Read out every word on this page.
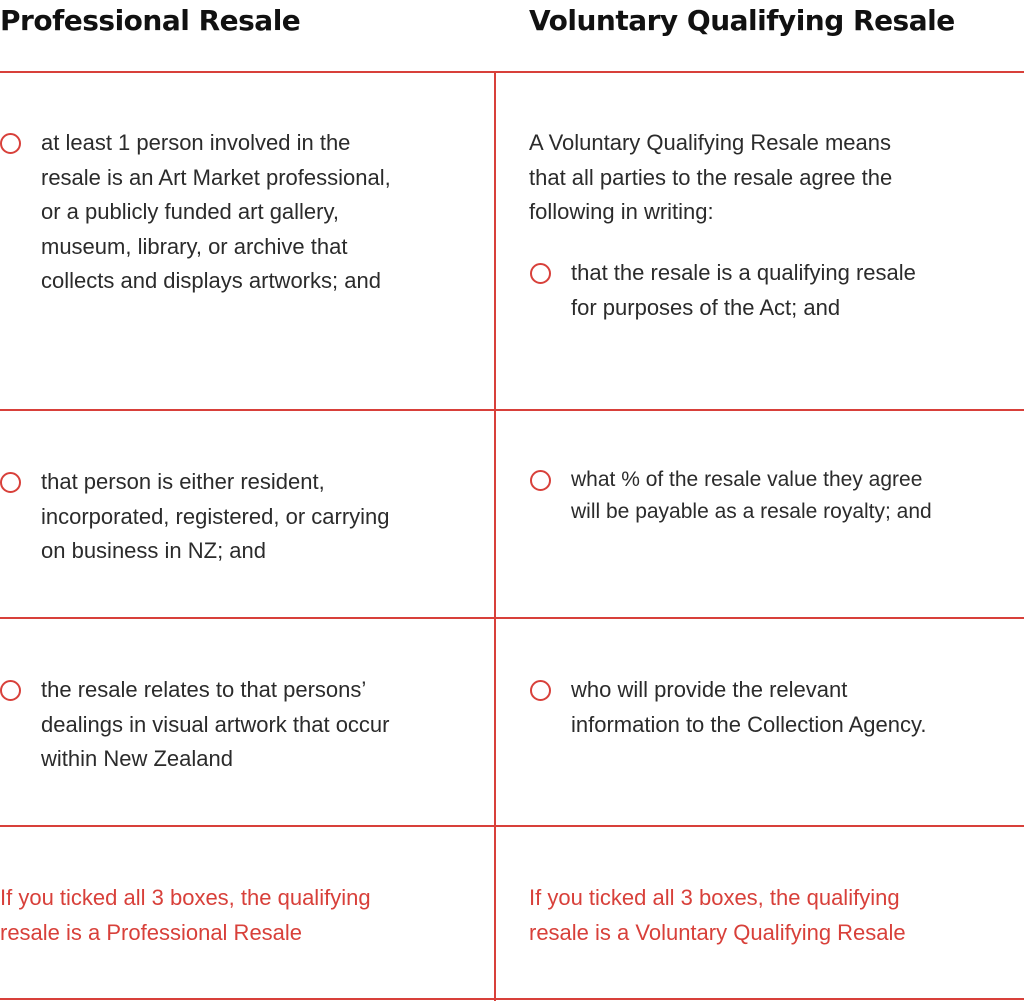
Professional Resale	Voluntary Qualifying Resale
at least 1 person involved in the
resale is an Art Market professional,
or a publicly funded art gallery,
museum, library, or archive that
collects and displays artworks; and
A Voluntary Qualifying Resale means
that all parties to the resale agree the
following in writing:
that the resale is a qualifying resale
for purposes of the Act; and
that person is either resident,
incorporated, registered, or carrying
on business in NZ; and
what % of the resale value they agree
will be payable as a resale royalty; and
the resale relates to that persons’
dealings in visual artwork that occur
within New Zealand
who will provide the relevant
information to the Collection Agency.
If you ticked all 3 boxes, the qualifying
resale is a Professional Resale
If you ticked all 3 boxes, the qualifying
resale is a Voluntary Qualifying Resale
